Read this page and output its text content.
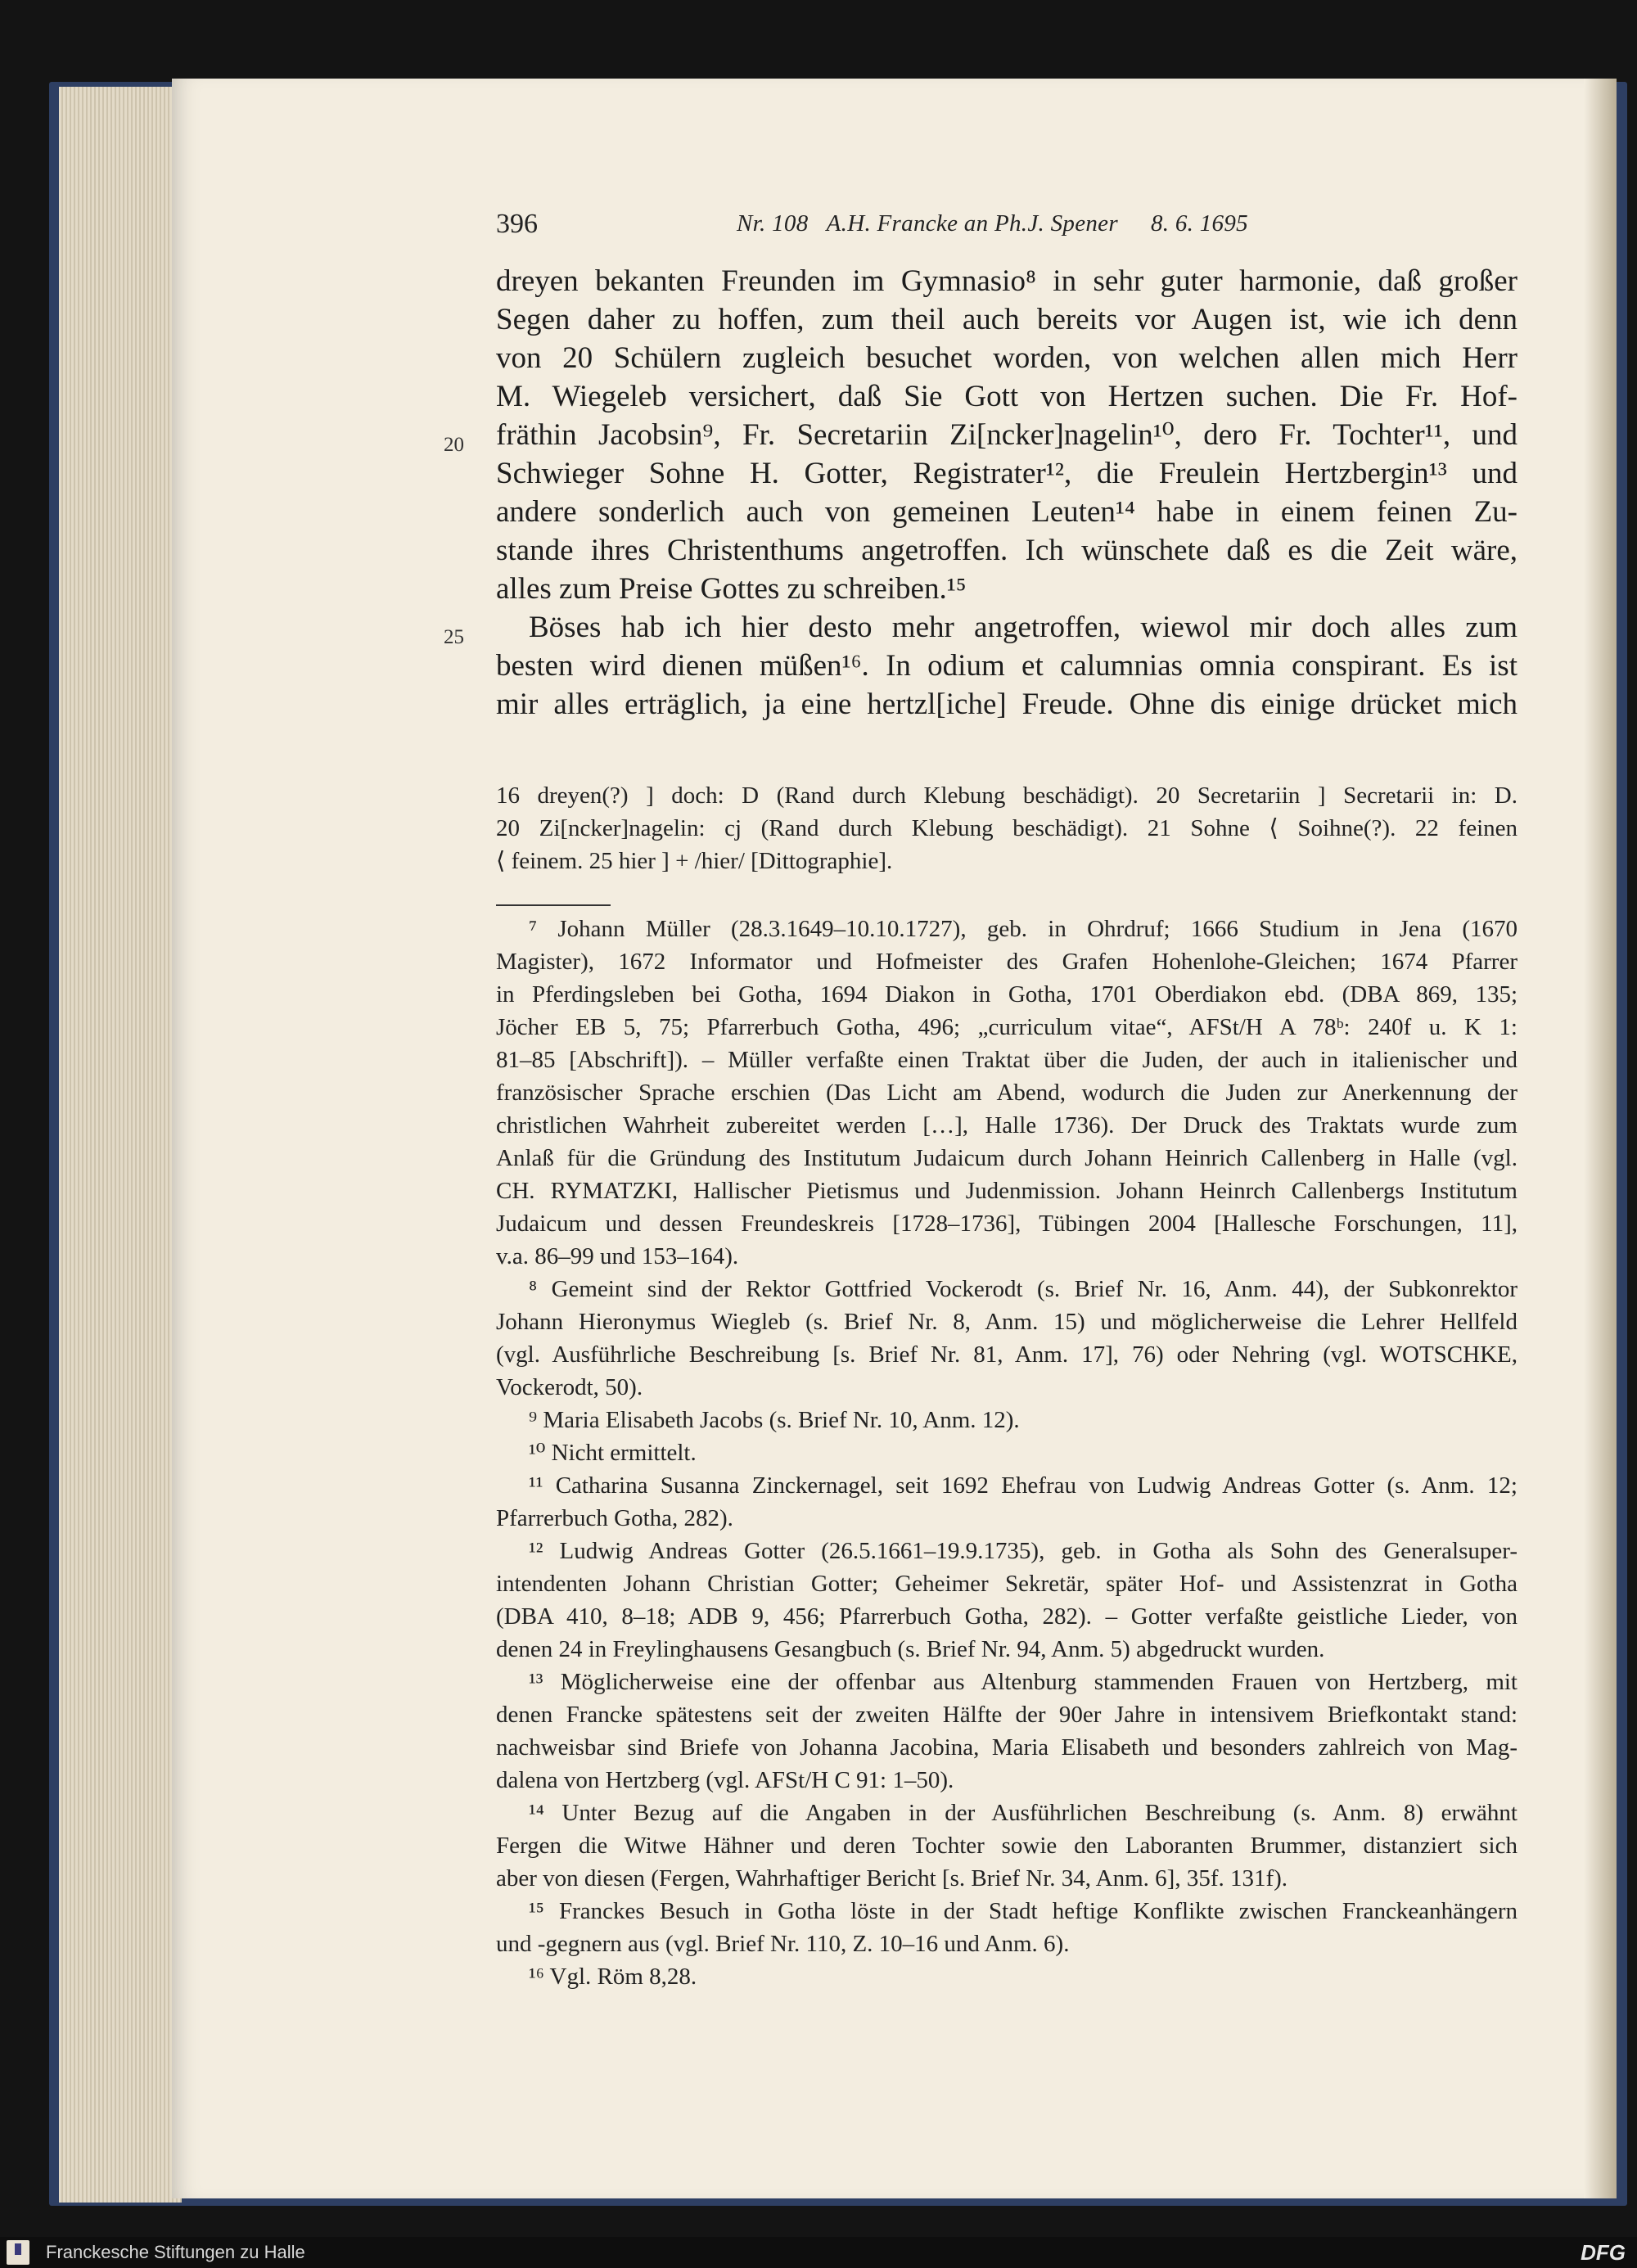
396	Nr. 108   A.H. Francke an Ph.J. Spener 8. 6. 1695
20
25
dreyen bekanten Freunden im Gymnasio⁸ in sehr guter harmonie, daß großer
Segen daher zu hoffen, zum theil auch bereits vor Augen ist, wie ich denn
von 20 Schülern zugleich besuchet worden, von welchen allen mich Herr
M. Wiegeleb versichert, daß Sie Gott von Hertzen suchen. Die Fr. Hof-
fräthin Jacobsin⁹, Fr. Secretariin Zi[ncker]nagelin¹⁰, dero Fr. Tochter¹¹, und
Schwieger Sohne H. Gotter, Registrater¹², die Freulein Hertzbergin¹³ und
andere sonderlich auch von gemeinen Leuten¹⁴ habe in einem feinen Zu-
stande ihres Christenthums angetroffen. Ich wünschete daß es die Zeit wäre,
alles zum Preise Gottes zu schreiben.¹⁵
Böses hab ich hier desto mehr angetroffen, wiewol mir doch alles zum
besten wird dienen müßen¹⁶. In odium et calumnias omnia conspirant. Es ist
mir alles erträglich, ja eine hertzl[iche] Freude. Ohne dis einige drücket mich
16 dreyen(?) ] doch: D (Rand durch Klebung beschädigt). 20 Secretariin ] Secretarii in: D.
20 Zi[ncker]nagelin: cj (Rand durch Klebung beschädigt). 21 Sohne ⟨ Soihne(?). 22 feinen
⟨ feinem. 25 hier ] + /hier/ [Dittographie].
⁷ Johann Müller (28.3.1649–10.10.1727), geb. in Ohrdruf; 1666 Studium in Jena (1670
Magister), 1672 Informator und Hofmeister des Grafen Hohenlohe-Gleichen; 1674 Pfarrer
in Pferdingsleben bei Gotha, 1694 Diakon in Gotha, 1701 Oberdiakon ebd. (DBA 869, 135;
Jöcher EB 5, 75; Pfarrerbuch Gotha, 496; „curriculum vitae“, AFSt/H A 78ᵇ: 240f u. K 1:
81–85 [Abschrift]). – Müller verfaßte einen Traktat über die Juden, der auch in italienischer und
französischer Sprache erschien (Das Licht am Abend, wodurch die Juden zur Anerkennung der
christlichen Wahrheit zubereitet werden […], Halle 1736). Der Druck des Traktats wurde zum
Anlaß für die Gründung des Institutum Judaicum durch Johann Heinrich Callenberg in Halle (vgl.
CH. RYMATZKI, Hallischer Pietismus und Judenmission. Johann Heinrch Callenbergs Institutum
Judaicum und dessen Freundeskreis [1728–1736], Tübingen 2004 [Hallesche Forschungen, 11],
v.a. 86–99 und 153–164).
⁸ Gemeint sind der Rektor Gottfried Vockerodt (s. Brief Nr. 16, Anm. 44), der Subkonrektor
Johann Hieronymus Wiegleb (s. Brief Nr. 8, Anm. 15) und möglicherweise die Lehrer Hellfeld
(vgl. Ausführliche Beschreibung [s. Brief Nr. 81, Anm. 17], 76) oder Nehring (vgl. WOTSCHKE,
Vockerodt, 50).
⁹ Maria Elisabeth Jacobs (s. Brief Nr. 10, Anm. 12).
¹⁰ Nicht ermittelt.
¹¹ Catharina Susanna Zinckernagel, seit 1692 Ehefrau von Ludwig Andreas Gotter (s. Anm. 12;
Pfarrerbuch Gotha, 282).
¹² Ludwig Andreas Gotter (26.5.1661–19.9.1735), geb. in Gotha als Sohn des Generalsuper-
intendenten Johann Christian Gotter; Geheimer Sekretär, später Hof- und Assistenzrat in Gotha
(DBA 410, 8–18; ADB 9, 456; Pfarrerbuch Gotha, 282). – Gotter verfaßte geistliche Lieder, von
denen 24 in Freylinghausens Gesangbuch (s. Brief Nr. 94, Anm. 5) abgedruckt wurden.
¹³ Möglicherweise eine der offenbar aus Altenburg stammenden Frauen von Hertzberg, mit
denen Francke spätestens seit der zweiten Hälfte der 90er Jahre in intensivem Briefkontakt stand:
nachweisbar sind Briefe von Johanna Jacobina, Maria Elisabeth und besonders zahlreich von Mag-
dalena von Hertzberg (vgl. AFSt/H C 91: 1–50).
¹⁴ Unter Bezug auf die Angaben in der Ausführlichen Beschreibung (s. Anm. 8) erwähnt
Fergen die Witwe Hähner und deren Tochter sowie den Laboranten Brummer, distanziert sich
aber von diesen (Fergen, Wahrhaftiger Bericht [s. Brief Nr. 34, Anm. 6], 35f. 131f).
¹⁵ Franckes Besuch in Gotha löste in der Stadt heftige Konflikte zwischen Franckeanhängern
und -gegnern aus (vgl. Brief Nr. 110, Z. 10–16 und Anm. 6).
¹⁶ Vgl. Röm 8,28.
Franckesche Stiftungen zu Halle	DFG
